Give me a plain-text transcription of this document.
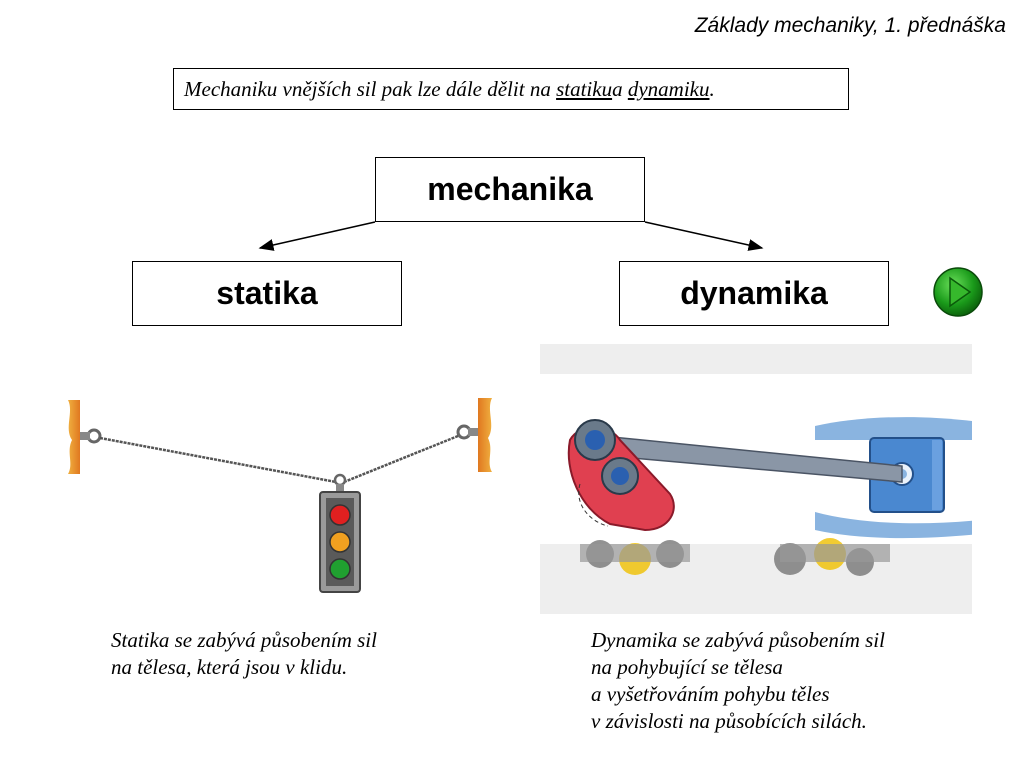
Základy mechaniky, 1. přednáška
Mechaniku vnějších sil pak lze dále dělit na
statiku a
dynamiku .
mechanika
statika	dynamika
Statika se zabývá působením sil
na tělesa, která jsou v klidu.
Dynamika se zabývá působením sil
na pohybující se tělesa
a vyšetřováním pohybu těles
v závislosti na působících silách.
